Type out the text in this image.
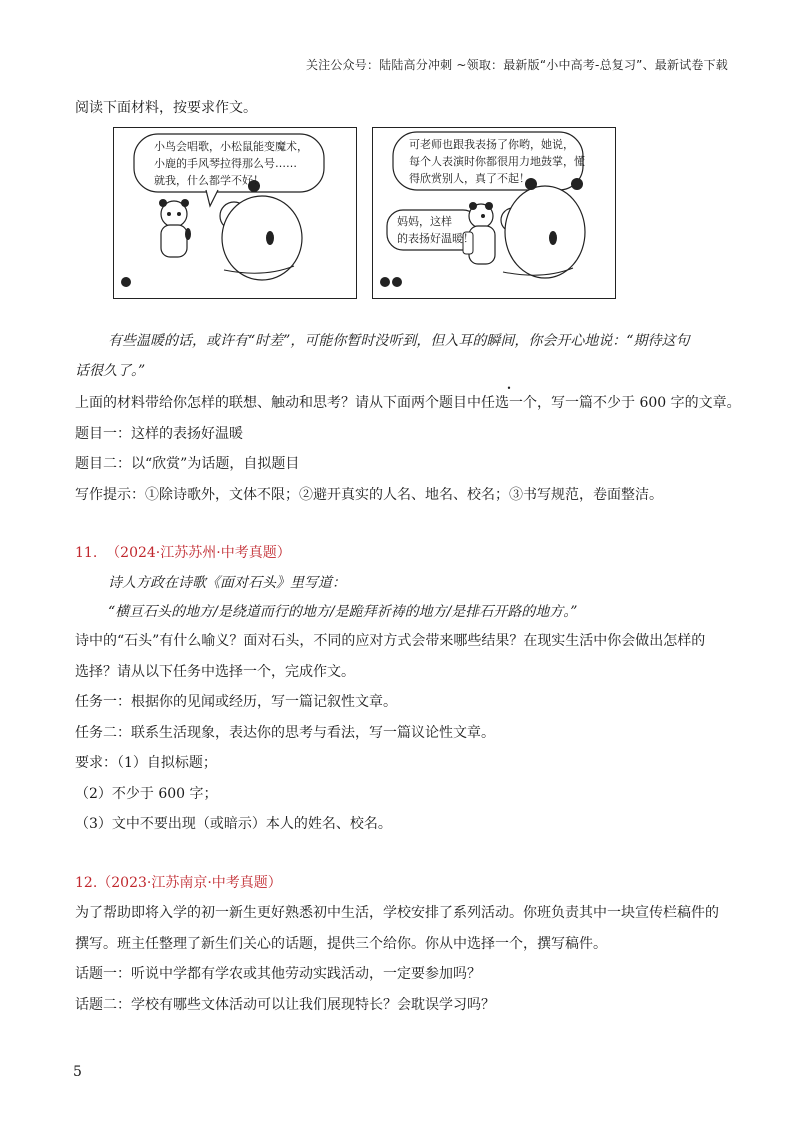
关注公众号：陆陆高分冲刺 ~领取：最新版“小中高考-总复习”、最新试卷下载
阅读下面材料，按要求作文。
小鸟会唱歌，小松鼠能变魔术，
小鹿的手风琴拉得那么号……
就我，什么都学不好！
可老师也跟我表扬了你哟，她说，
每个人表演时你都很用力地鼓掌，懂
得欣赏别人，真了不起！
妈妈，这样
的表扬好温暖！
有些温暖的话，或许有“时差”，可能你暂时没听到，但入耳的瞬间，你会开心地说：“期待这句
话很久了。”
上面的材料带给你怎样的联想、触动和思考？请从下面两个题目中任选一个，写一篇不少于 600 字的文章。
题目一：这样的表扬好温暖
题目二：以“欣赏”为话题，自拟题目
写作提示：①除诗歌外，文体不限；②避开真实的人名、地名、校名；③书写规范，卷面整洁。
11. （2024·江苏苏州·中考真题）
诗人方政在诗歌《面对石头》里写道：
“横亘石头的地方/是绕道而行的地方/是跪拜祈祷的地方/是排石开路的地方。”
诗中的“石头”有什么喻义？面对石头，不同的应对方式会带来哪些结果？在现实生活中你会做出怎样的
选择？请从以下任务中选择一个，完成作文。
任务一：根据你的见闻或经历，写一篇记叙性文章。
任务二：联系生活现象，表达你的思考与看法，写一篇议论性文章。
要求：（1）自拟标题；
（2）不少于 600 字；
（3）文中不要出现（或暗示）本人的姓名、校名。
12.（2023·江苏南京·中考真题）
为了帮助即将入学的初一新生更好熟悉初中生活，学校安排了系列活动。你班负责其中一块宣传栏稿件的
撰写。班主任整理了新生们关心的话题，提供三个给你。你从中选择一个，撰写稿件。
话题一：听说中学都有学农或其他劳动实践活动，一定要参加吗？
话题二：学校有哪些文体活动可以让我们展现特长？会耽误学习吗？
5
